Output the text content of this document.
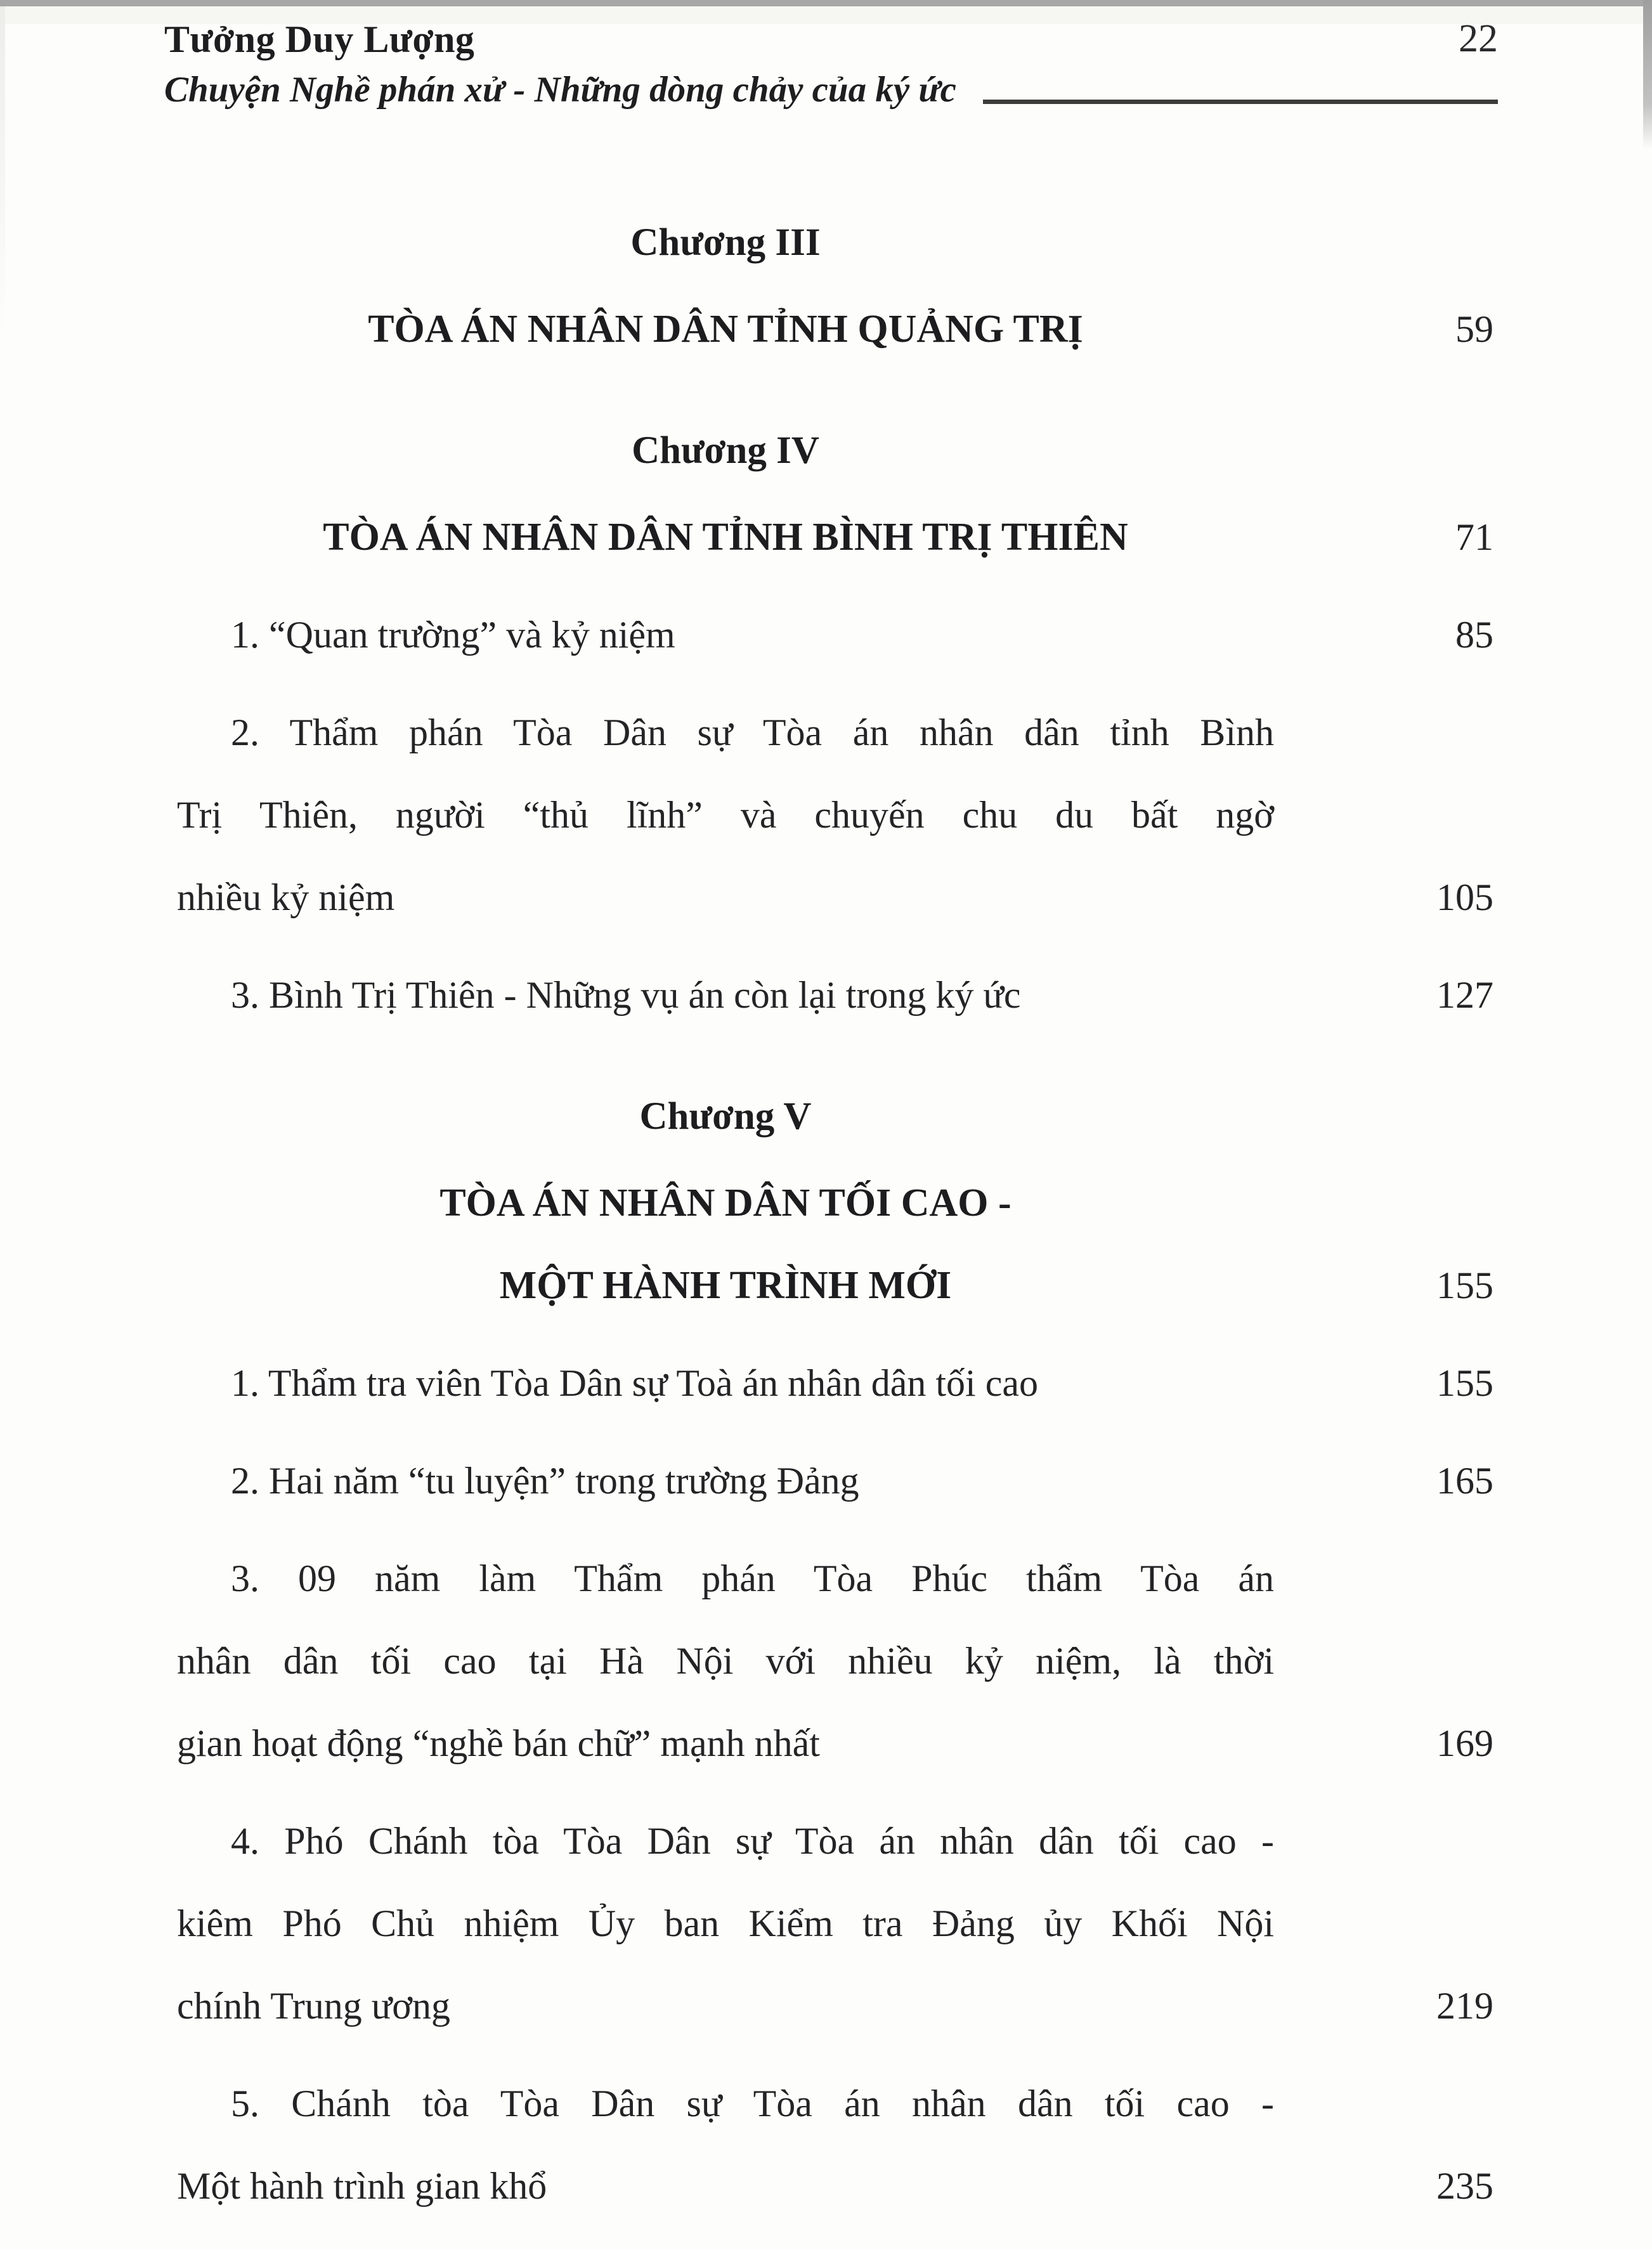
Tưởng Duy Lượng	22
Chuyện Nghề phán xử - Những dòng chảy của ký ức
Chương III
TÒA ÁN NHÂN DÂN TỈNH QUẢNG TRỊ	59
Chương IV
TÒA ÁN NHÂN DÂN TỈNH BÌNH TRỊ THIÊN	71
1. “Quan trường” và kỷ niệm	85
2. Thẩm phán Tòa Dân sự Tòa án nhân dân tỉnh Bình
Trị Thiên, người “thủ lĩnh” và chuyến chu du bất ngờ
nhiều kỷ niệm	105
3. Bình Trị Thiên - Những vụ án còn lại trong ký ức	127
Chương V
TÒA ÁN NHÂN DÂN TỐI CAO -
MỘT HÀNH TRÌNH MỚI	155
1. Thẩm tra viên Tòa Dân sự Toà án nhân dân tối cao	155
2. Hai năm “tu luyện” trong trường Đảng	165
3. 09 năm làm Thẩm phán Tòa Phúc thẩm Tòa án
nhân dân tối cao tại Hà Nội với nhiều kỷ niệm, là thời
gian hoạt động “nghề bán chữ” mạnh nhất	169
4. Phó Chánh tòa Tòa Dân sự Tòa án nhân dân tối cao -
kiêm Phó Chủ nhiệm Ủy ban Kiểm tra Đảng ủy Khối Nội
chính Trung ương	219
5. Chánh tòa Tòa Dân sự Tòa án nhân dân tối cao -
Một hành trình gian khổ	235
